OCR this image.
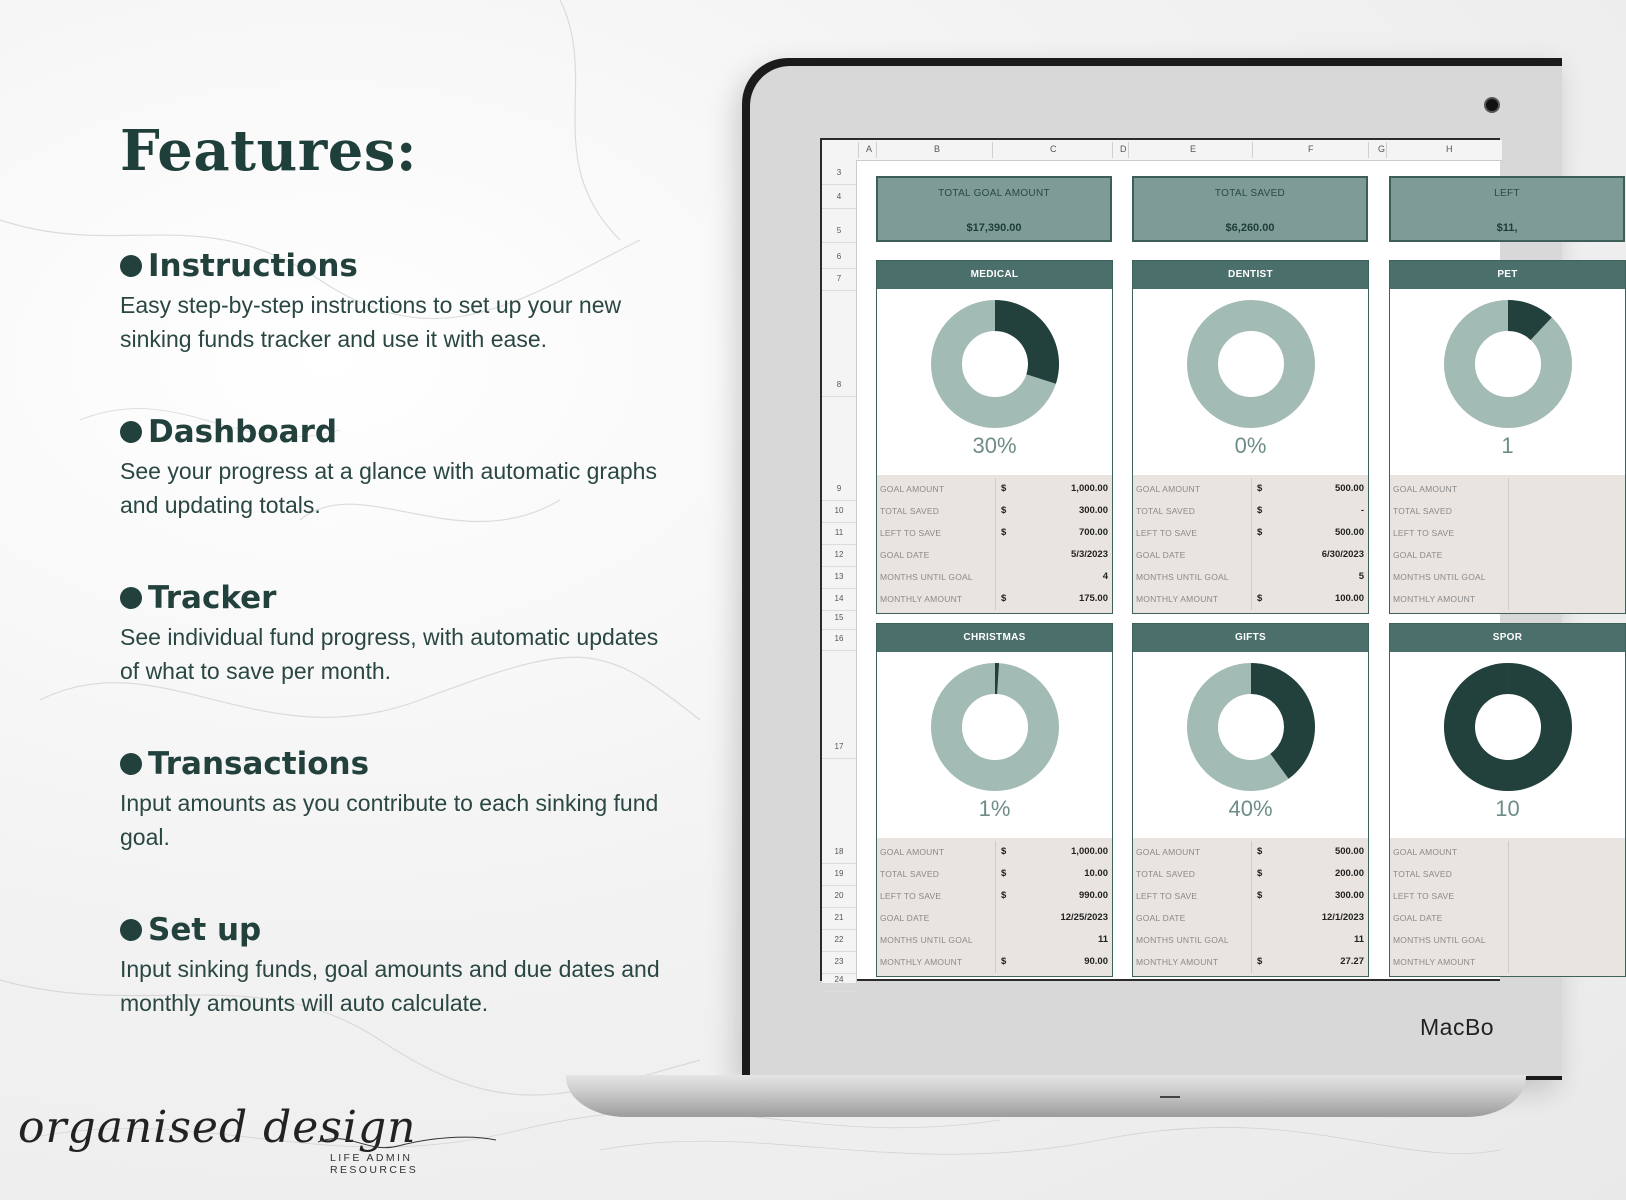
Features:
Instructions

Easy step-by-step instructions to set up your new sinking funds tracker and use it with ease.

Dashboard

See your progress at a glance with automatic graphs and updating totals.

Tracker

See individual fund progress, with automatic updates of what to save per month.

Transactions

Input amounts as you contribute to each sinking fund goal.

Set up

Input sinking funds, goal amounts and due dates and monthly amounts will auto calculate.

organised design
LIFE ADMIN RESOURCES
MacBo
A	B	C	D	E	F	G	H
3
4
5
6
7
8
9
10
11
12
13
14
15
16
17
18
19
20
21
22
23
24
TOTAL GOAL AMOUNT
$17,390.00
TOTAL SAVED
$6,260.00
LEFT
$11,
MEDICAL
30%
GOAL AMOUNT	$	1,000.00
TOTAL SAVED	$	300.00
LEFT TO SAVE	$	700.00
GOAL DATE	5/3/2023
MONTHS UNTIL GOAL	4
MONTHLY AMOUNT	$	175.00
DENTIST
0%
GOAL AMOUNT	$	500.00
TOTAL SAVED	$	-
LEFT TO SAVE	$	500.00
GOAL DATE	6/30/2023
MONTHS UNTIL GOAL	5
MONTHLY AMOUNT	$	100.00
PET
1
GOAL AMOUNT
TOTAL SAVED
LEFT TO SAVE
GOAL DATE
MONTHS UNTIL GOAL
MONTHLY AMOUNT
CHRISTMAS
1%
GOAL AMOUNT	$	1,000.00
TOTAL SAVED	$	10.00
LEFT TO SAVE	$	990.00
GOAL DATE	12/25/2023
MONTHS UNTIL GOAL	11
MONTHLY AMOUNT	$	90.00
GIFTS
40%
GOAL AMOUNT	$	500.00
TOTAL SAVED	$	200.00
LEFT TO SAVE	$	300.00
GOAL DATE	12/1/2023
MONTHS UNTIL GOAL	11
MONTHLY AMOUNT	$	27.27
SPOR
10
GOAL AMOUNT
TOTAL SAVED
LEFT TO SAVE
GOAL DATE
MONTHS UNTIL GOAL
MONTHLY AMOUNT
